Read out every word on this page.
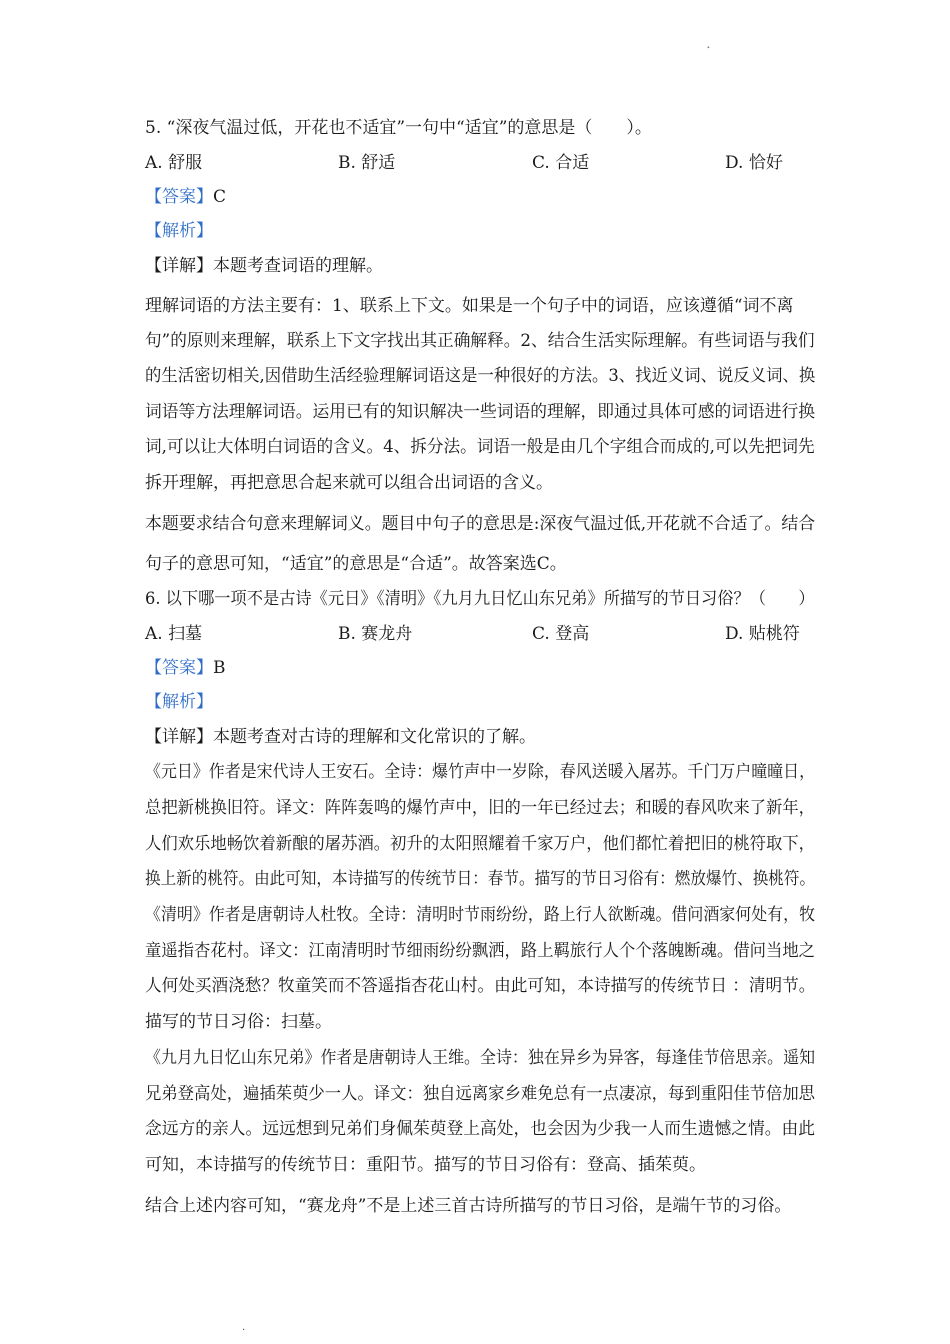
˛
5. “深夜气温过低，开花也不适宜”一句中“适宜”的意思是（　　）。
A. 舒服	B. 舒适	C. 合适	D. 恰好
【答案】C
【解析】
【详解】本题考查词语的理解。
理解词语的方法主要有：1、联系上下文。如果是一个句子中的词语，应该遵循“词不离
句”的原则来理解，联系上下文字找出其正确解释。2、结合生活实际理解。有些词语与我们
的生活密切相关,因借助生活经验理解词语这是一种很好的方法。3、找近义词、说反义词、换
词语等方法理解词语。运用已有的知识解决一些词语的理解，即通过具体可感的词语进行换
词,可以让大体明白词语的含义。4、拆分法。词语一般是由几个字组合而成的,可以先把词先
拆开理解，再把意思合起来就可以组合出词语的含义。
本题要求结合句意来理解词义。题目中句子的意思是:深夜气温过低,开花就不合适了。结合
句子的意思可知，“适宜”的意思是“合适”。故答案选C。
6. 以下哪一项不是古诗《元日》《清明》《九月九日忆山东兄弟》所描写的节日习俗？（　　）
A. 扫墓	B. 赛龙舟	C. 登高	D. 贴桃符
【答案】B
【解析】
【详解】本题考查对古诗的理解和文化常识的了解。
《元日》作者是宋代诗人王安石。全诗：爆竹声中一岁除，春风送暖入屠苏。千门万户曈曈日，
总把新桃换旧符。译文：阵阵轰鸣的爆竹声中，旧的一年已经过去；和暖的春风吹来了新年，
人们欢乐地畅饮着新酿的屠苏酒。初升的太阳照耀着千家万户，他们都忙着把旧的桃符取下，
换上新的桃符。由此可知，本诗描写的传统节日：春节。描写的节日习俗有：燃放爆竹、换桃符。
《清明》作者是唐朝诗人杜牧。全诗：清明时节雨纷纷，路上行人欲断魂。借问酒家何处有，牧
童遥指杏花村。译文：江南清明时节细雨纷纷飘洒，路上羁旅行人个个落魄断魂。借问当地之
人何处买酒浇愁？牧童笑而不答遥指杏花山村。由此可知，本诗描写的传统节日 ：清明节。
描写的节日习俗：扫墓。
《九月九日忆山东兄弟》作者是唐朝诗人王维。全诗：独在异乡为异客，每逢佳节倍思亲。遥知
兄弟登高处，遍插茱萸少一人。译文：独自远离家乡难免总有一点凄凉，每到重阳佳节倍加思
念远方的亲人。远远想到兄弟们身佩茱萸登上高处，也会因为少我一人而生遗憾之情。由此
可知，本诗描写的传统节日：重阳节。描写的节日习俗有：登高、插茱萸。
结合上述内容可知，“赛龙舟”不是上述三首古诗所描写的节日习俗，是端午节的习俗。
.
